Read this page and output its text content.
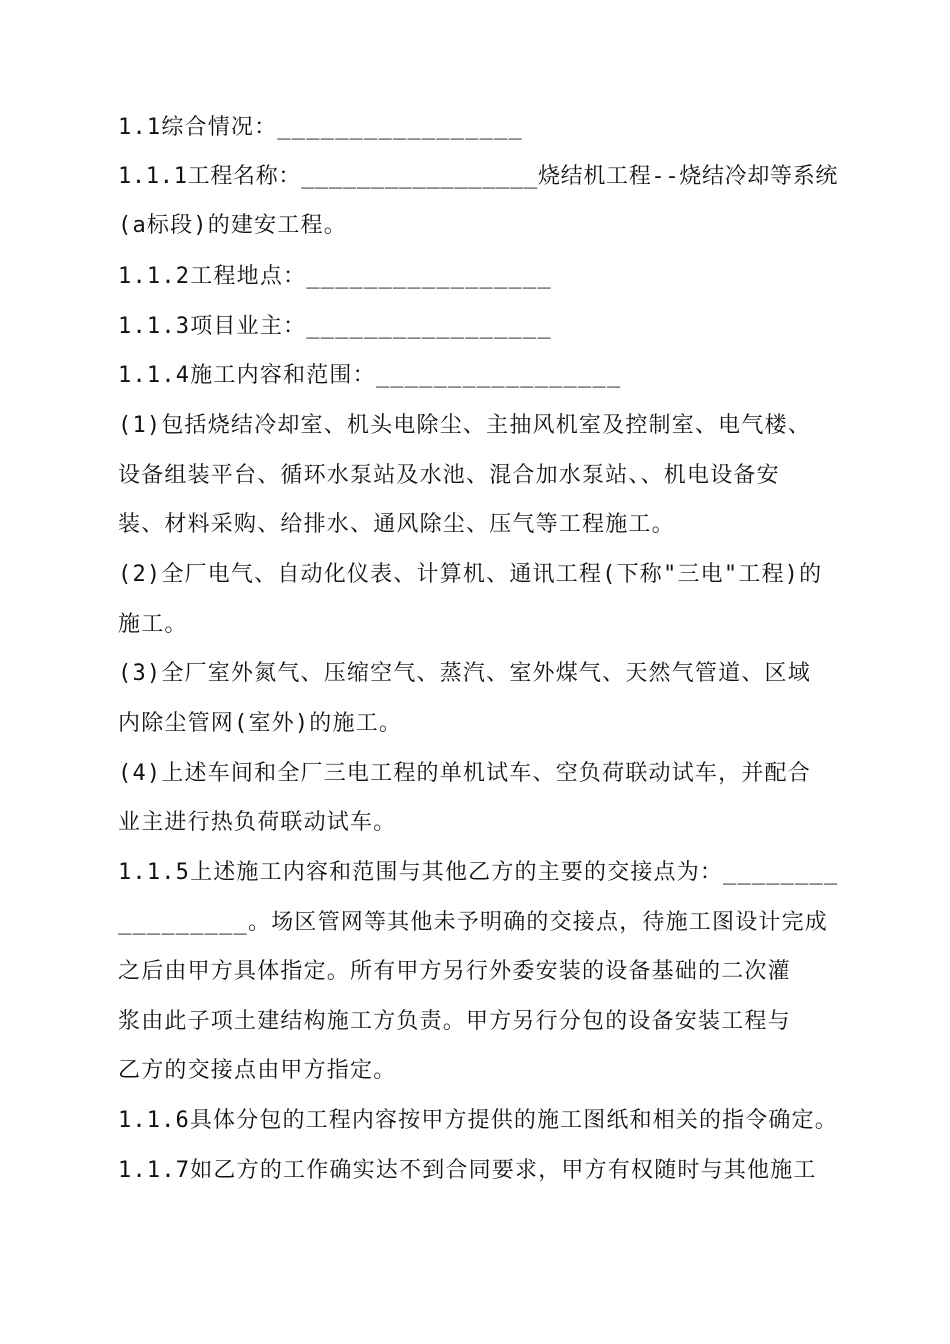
1.1综合情况：_________________
1.1.1工程名称：_________________烧结机工程--烧结冷却等系统
(a标段)的建安工程。
1.1.2工程地点：_________________
1.1.3项目业主：_________________
1.1.4施工内容和范围：_________________
(1)包括烧结冷却室、机头电除尘、主抽风机室及控制室、电气楼、
设备组装平台、循环水泵站及水池、混合加水泵站、、机电设备安
装、材料采购、给排水、通风除尘、压气等工程施工。
(2)全厂电气、自动化仪表、计算机、通讯工程(下称"三电"工程)的
施工。
(3)全厂室外氮气、压缩空气、蒸汽、室外煤气、天然气管道、区域
内除尘管网(室外)的施工。
(4)上述车间和全厂三电工程的单机试车、空负荷联动试车，并配合
业主进行热负荷联动试车。
1.1.5上述施工内容和范围与其他乙方的主要的交接点为：________
_________。场区管网等其他未予明确的交接点，待施工图设计完成
之后由甲方具体指定。所有甲方另行外委安装的设备基础的二次灌
浆由此子项土建结构施工方负责。甲方另行分包的设备安装工程与
乙方的交接点由甲方指定。
1.1.6具体分包的工程内容按甲方提供的施工图纸和相关的指令确定。
1.1.7如乙方的工作确实达不到合同要求，甲方有权随时与其他施工
